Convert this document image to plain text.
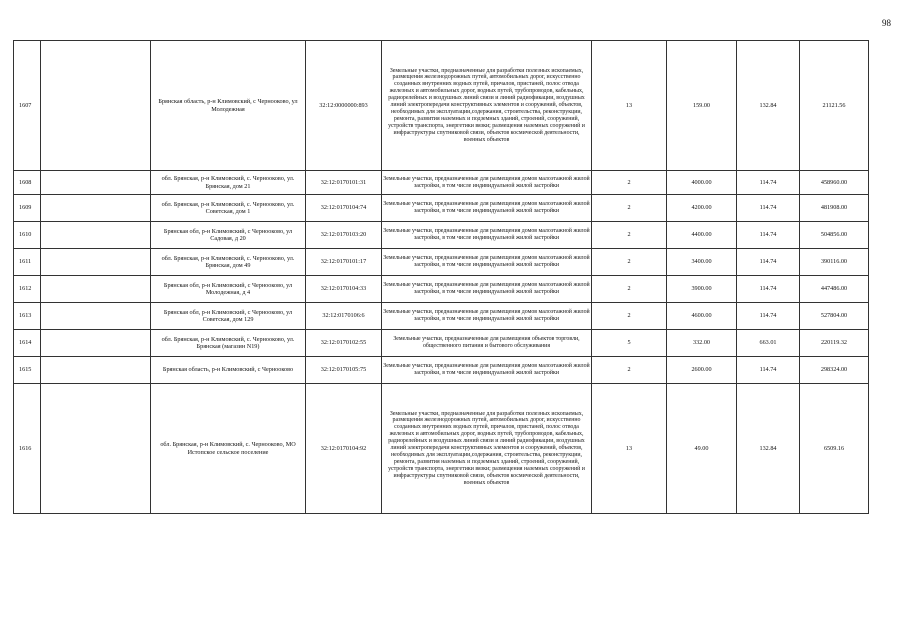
98
1607		Брянская область, р-н Климовский, с Чернооково, ул Молодежная	32:12:0000000:893	Земельные участки, предназначенные для разработки полезных ископаемых, размещения железнодорожных путей, автомобильных дорог, искусственно созданных внутренних водных путей, причалов, пристаней, полос отвода железных и автомобильных дорог, водных путей, трубопроводов, кабельных, радиорелейных и воздушных линий связи и линий радиофикации, воздушных линий электропередачи конструктивных элементов и сооружений, объектов, необходимых для эксплуатации,содержания, строительства, реконструкции, ремонта, развития наземных и подземных зданий, строений, сооружений, устройств транспорта, энергетики вязки; размещения наземных сооружений и инфраструктуры спутниковой связи, объектов космической деятельности, военных объектов	13	159.00	132.84	21121.56
1608		обл. Брянская, р-н Климовский, с. Чернооково, ул. Брянская, дом 21	32:12:0170101:31	Земельные участки, предназначенные для размещения домов малоэтажной жилой застройки, в том числе индивидуальной жилой застройки	2	4000.00	114.74	458960.00
1609		обл. Брянская, р-н Климовский, с. Чернооково, ул. Советская, дом 1	32:12:0170104:74	Земельные участки, предназначенные для размещения домов малоэтажной жилой застройки, в том числе индивидуальной жилой застройки	2	4200.00	114.74	481908.00
1610		Брянская обл, р-н Климовский, с Чернооково, ул Садовая, д 20	32:12:0170103:20	Земельные участки, предназначенные для размещения домов малоэтажной жилой застройки, в том числе индивидуальной жилой застройки	2	4400.00	114.74	504856.00
1611		обл. Брянская, р-н Климовский, с. Чернооково, ул. Брянская, дом 49	32:12:0170101:17	Земельные участки, предназначенные для размещения домов малоэтажной жилой застройки, в том числе индивидуальной жилой застройки	2	3400.00	114.74	390116.00
1612		Брянская обл, р-н Климовский, с Чернооково, ул Молодежная, д 4	32:12:0170104:33	Земельные участки, предназначенные для размещения домов малоэтажной жилой застройки, в том числе индивидуальной жилой застройки	2	3900.00	114.74	447486.00
1613		Брянская обл, р-н Климовский, с Чернооково, ул Советская, дом 129	32:12:0170106:6	Земельные участки, предназначенные для размещения домов малоэтажной жилой застройки, в том числе индивидуальной жилой застройки	2	4600.00	114.74	527804.00
1614		обл. Брянская, р-н Климовский, с. Чернооково, ул. Брянская (магазин N19)	32:12:0170102:55	Земельные участки, предназначенные для размещения объектов торговли, общественного питания и бытового обслуживания	5	332.00	663.01	220119.32
1615		Брянская область, р-н Климовский, с Чернооково	32:12:0170105:75	Земельные участки, предназначенные для размещения домов малоэтажной жилой застройки, в том числе индивидуальной жилой застройки	2	2600.00	114.74	298324.00
1616		обл. Брянская, р-н Климовский, с. Чернооково, МО Истопское сельское поселение	32:12:0170104:92	Земельные участки, предназначенные для разработки полезных ископаемых, размещения железнодорожных путей, автомобильных дорог, искусственно созданных внутренних водных путей, причалов, пристаней, полос отвода железных и автомобильных дорог, водных путей, трубопроводов, кабельных, радиорелейных и воздушных линий связи и линий радиофикации, воздушных линий электропередачи конструктивных элементов и сооружений, объектов, необходимых для эксплуатации,содержания, строительства, реконструкции, ремонта, развития наземных и подземных зданий, строений, сооружений, устройств транспорта, энергетики вязки; размещения наземных сооружений и инфраструктуры спутниковой связи, объектов космической деятельности, военных объектов	13	49.00	132.84	6509.16
